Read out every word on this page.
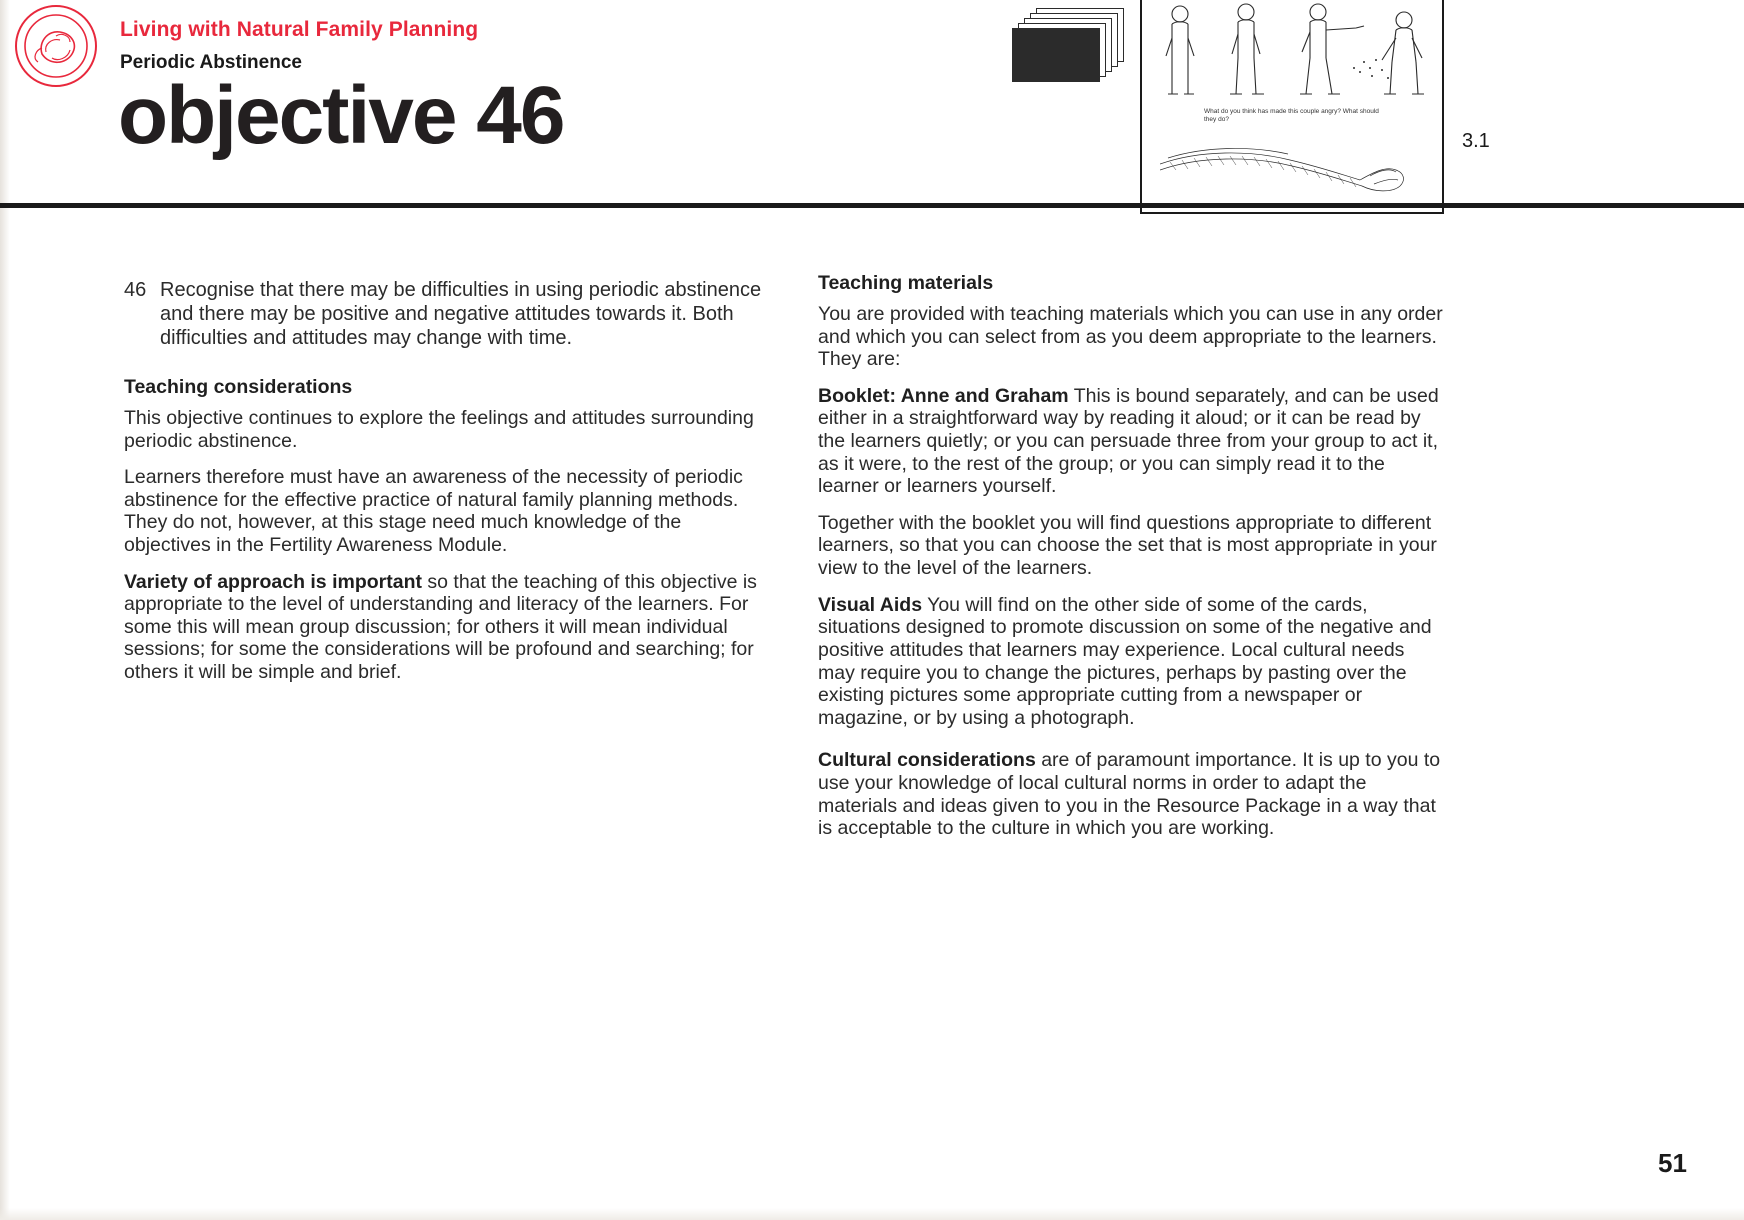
Living with Natural Family Planning
Periodic Abstinence
objective 46	What do you think has made this couple angry? What should they do?
3.1
46 Recognise that there may be difficulties in using periodic abstinence and there may be positive and negative attitudes towards it. Both difficulties and attitudes may change with time.
Teaching considerations

This objective continues to explore the feelings and attitudes surrounding periodic abstinence.

Learners therefore must have an awareness of the necessity of periodic abstinence for the effective practice of natural family planning methods. They do not, however, at this stage need much knowledge of the objectives in the Fertility Awareness Module.

Variety of approach is important so that the teaching of this objective is appropriate to the level of understanding and literacy of the learners. For some this will mean group discussion; for others it will mean individual sessions; for some the considerations will be profound and searching; for others it will be simple and brief.

Teaching materials

You are provided with teaching materials which you can use in any order and which you can select from as you deem appropriate to the learners. They are:

Booklet: Anne and Graham This is bound separately, and can be used either in a straightforward way by reading it aloud; or it can be read by the learners quietly; or you can persuade three from your group to act it, as it were, to the rest of the group; or you can simply read it to the learner or learners yourself.

Together with the booklet you will find questions appropriate to different learners, so that you can choose the set that is most appropriate in your view to the level of the learners.

Visual Aids You will find on the other side of some of the cards, situations designed to promote discussion on some of the negative and positive attitudes that learners may experience. Local cultural needs may require you to change the pictures, perhaps by pasting over the existing pictures some appropriate cutting from a newspaper or magazine, or by using a photograph.

Cultural considerations are of paramount importance. It is up to you to use your knowledge of local cultural norms in order to adapt the materials and ideas given to you in the Resource Package in a way that is acceptable to the culture in which you are working.

51
